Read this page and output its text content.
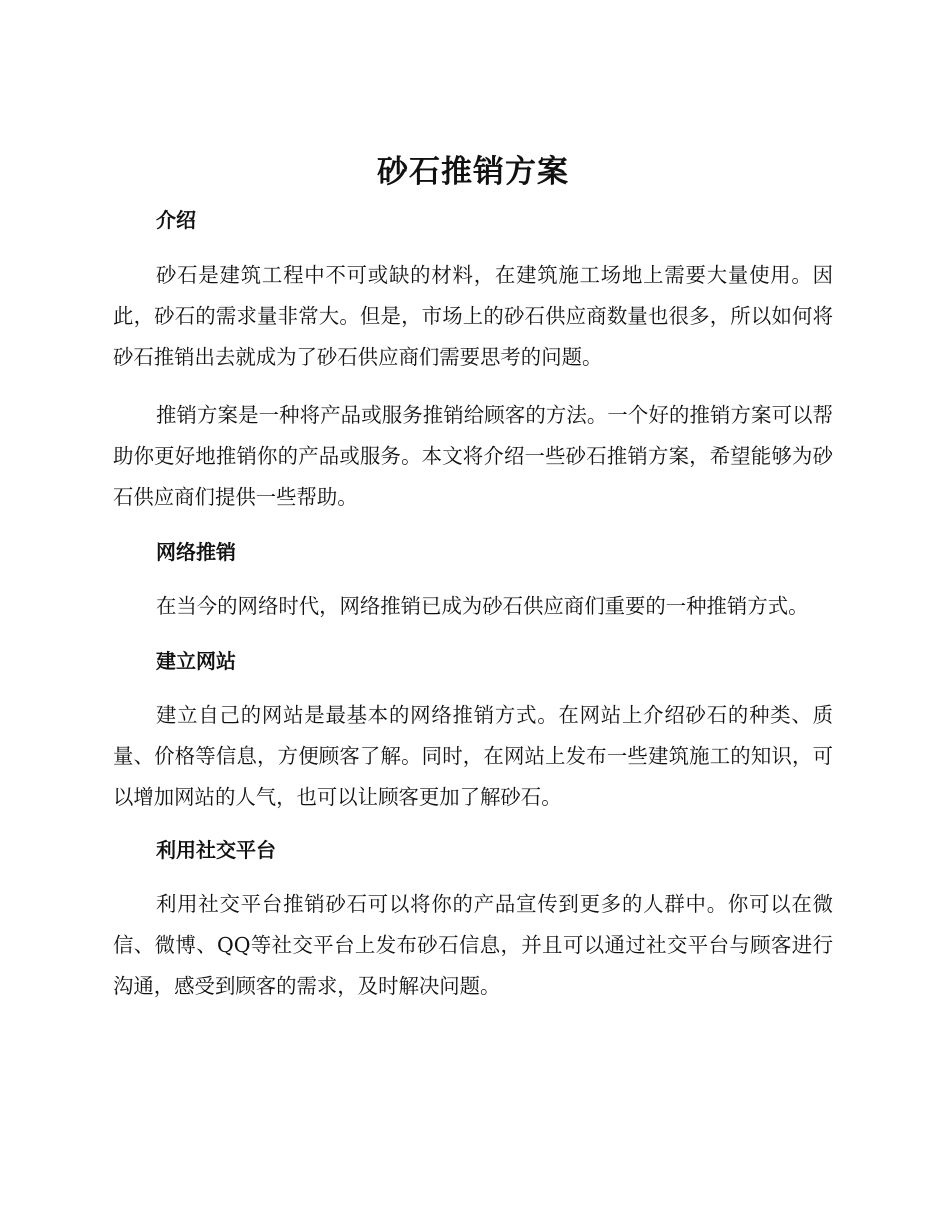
砂石推销方案
介绍

砂石是建筑工程中不可或缺的材料，在建筑施工场地上需要大量使用。因此，砂石的需求量非常大。但是，市场上的砂石供应商数量也很多，所以如何将砂石推销出去就成为了砂石供应商们需要思考的问题。

推销方案是一种将产品或服务推销给顾客的方法。一个好的推销方案可以帮助你更好地推销你的产品或服务。本文将介绍一些砂石推销方案，希望能够为砂石供应商们提供一些帮助。

网络推销

在当今的网络时代，网络推销已成为砂石供应商们重要的一种推销方式。

建立网站

建立自己的网站是最基本的网络推销方式。在网站上介绍砂石的种类、质量、价格等信息，方便顾客了解。同时，在网站上发布一些建筑施工的知识，可以增加网站的人气，也可以让顾客更加了解砂石。

利用社交平台

利用社交平台推销砂石可以将你的产品宣传到更多的人群中。你可以在微信、微博、QQ等社交平台上发布砂石信息，并且可以通过社交平台与顾客进行沟通，感受到顾客的需求，及时解决问题。
